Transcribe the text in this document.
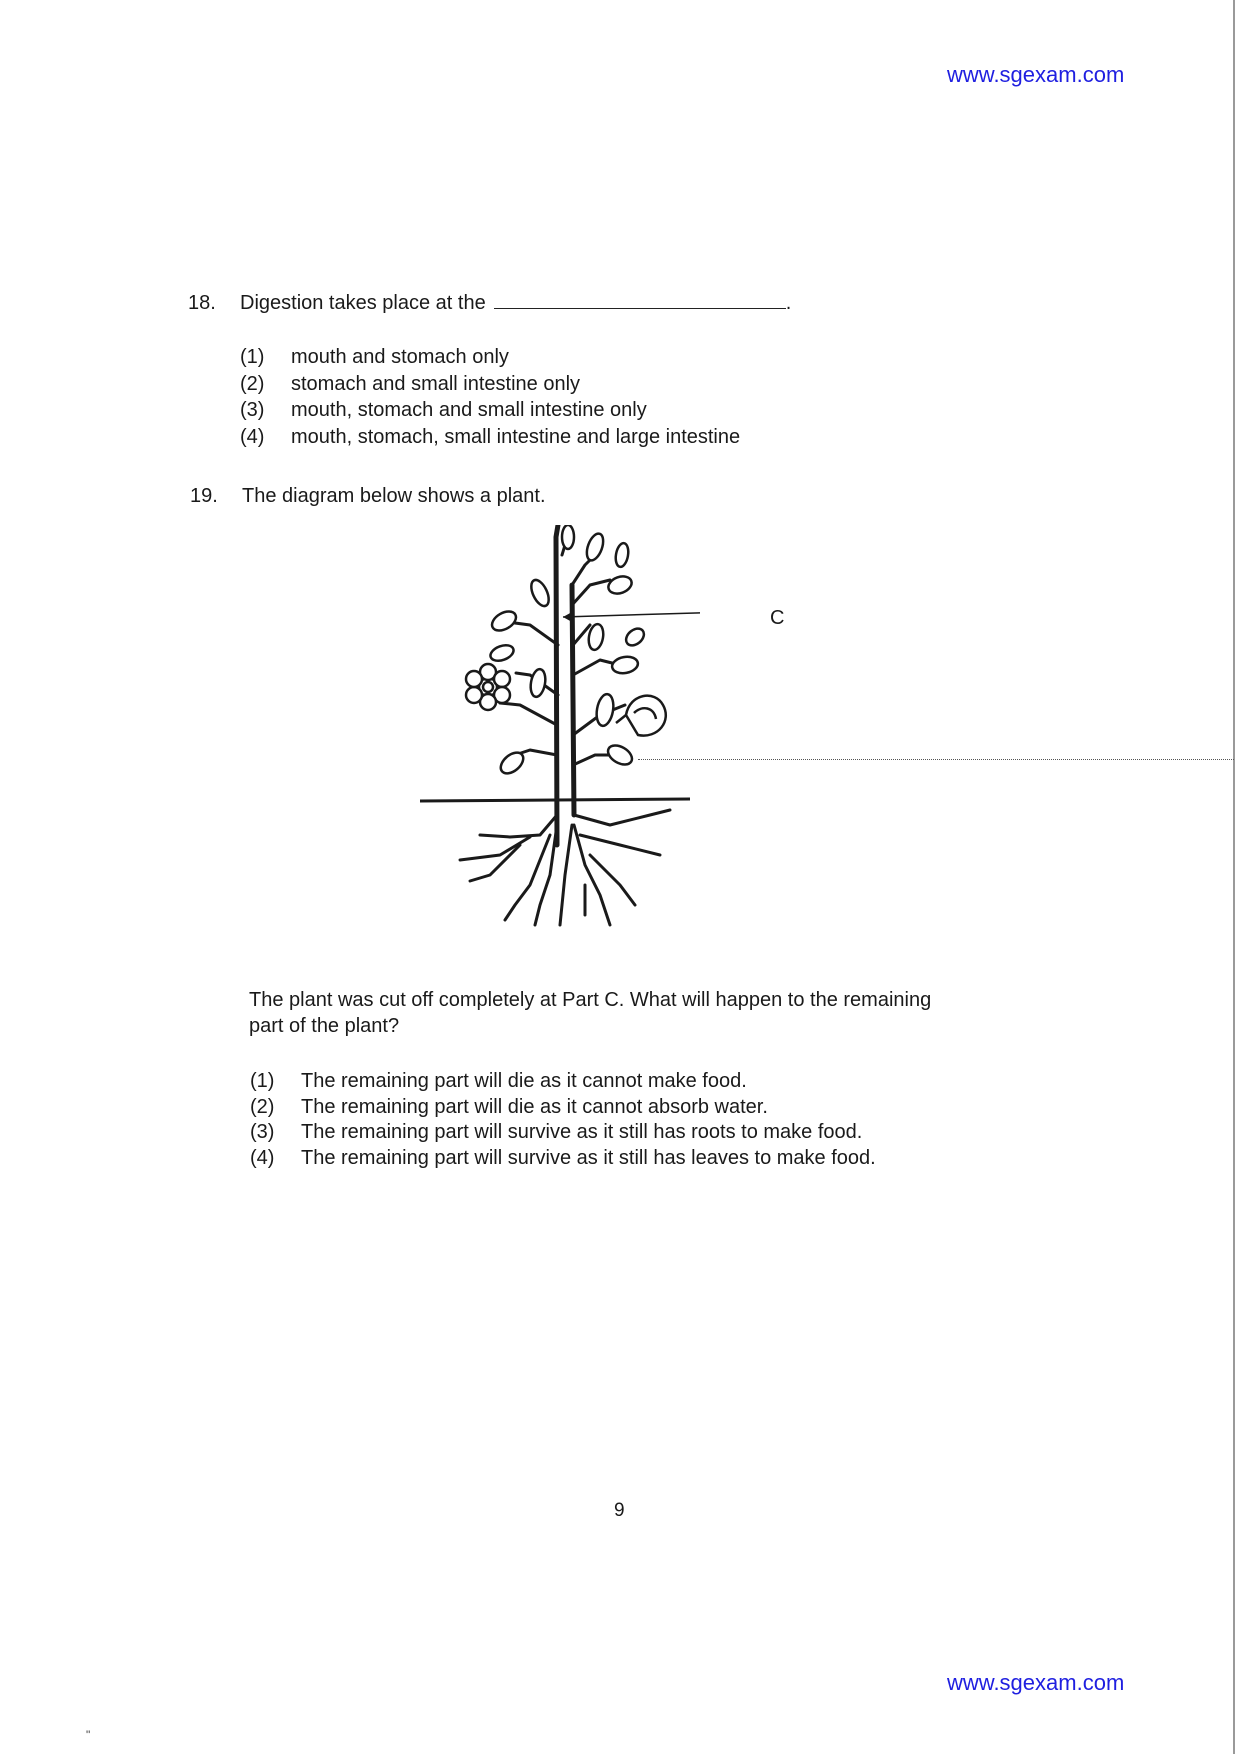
www.sgexam.com
18. Digestion takes place at the	.
(1) mouth and stomach only
(2) stomach and small intestine only
(3) mouth, stomach and small intestine only
(4) mouth, stomach, small intestine and large intestine
19. The diagram below shows a plant.
C
The plant was cut off completely at Part C. What will happen to the remaining
part of the plant?
(1) The remaining part will die as it cannot make food.
(2) The remaining part will die as it cannot absorb water.
(3) The remaining part will survive as it still has roots to make food.
(4) The remaining part will survive as it still has leaves to make food.
9
www.sgexam.com
"
